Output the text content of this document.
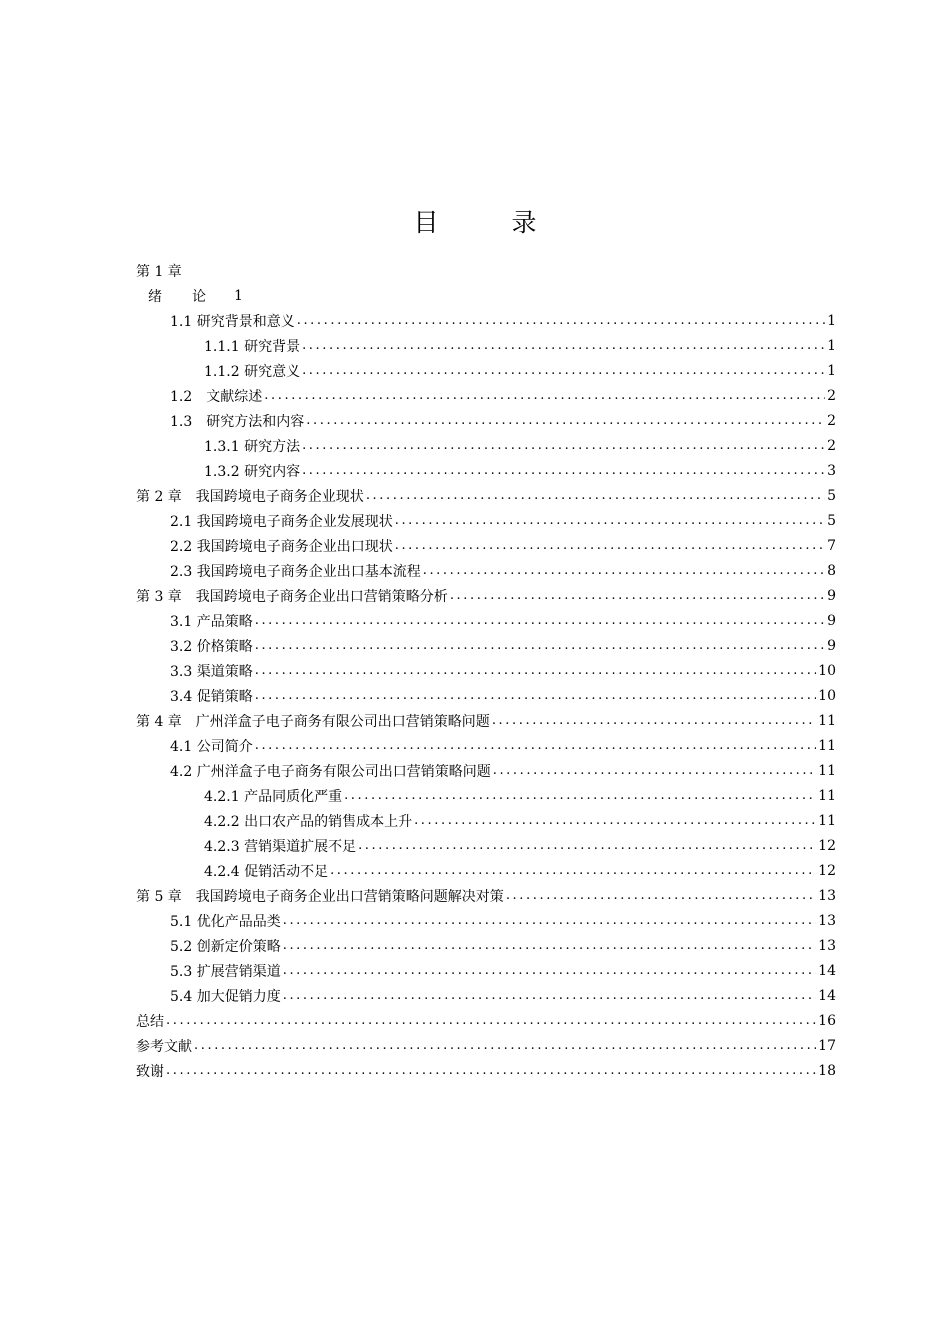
目　录
第 1 章
绪 论 1
1.1 研究背景和意义 .....	1
1.1.1 研究背景 .....	1
1.1.2 研究意义 .....	1
1.2　文献综述 .....	2
1.3　研究方法和内容 .....	2
1.3.1 研究方法 .....	2
1.3.2 研究内容 .....	3
第 2 章　我国跨境电子商务企业现状 .....	5
2.1 我国跨境电子商务企业发展现状 .....	5
2.2 我国跨境电子商务企业出口现状 .....	7
2.3 我国跨境电子商务企业出口基本流程 .....	8
第 3 章　我国跨境电子商务企业出口营销策略分析 .....	9
3.1 产品策略 .....	9
3.2 价格策略 .....	9
3.3 渠道策略 .....	10
3.4 促销策略 .....	10
第 4 章　广州洋盒子电子商务有限公司出口营销策略问题 .....	11
4.1 公司简介 .....	11
4.2 广州洋盒子电子商务有限公司出口营销策略问题 .....	11
4.2.1 产品同质化严重 .....	11
4.2.2 出口农产品的销售成本上升 .....	11
4.2.3 营销渠道扩展不足 .....	12
4.2.4 促销活动不足 .....	12
第 5 章　我国跨境电子商务企业出口营销策略问题解决对策 .....	13
5.1 优化产品品类 .....	13
5.2 创新定价策略 .....	13
5.3 扩展营销渠道 .....	14
5.4 加大促销力度 .....	14
总结 .....	16
参考文献 .....	17
致谢 .....	18
